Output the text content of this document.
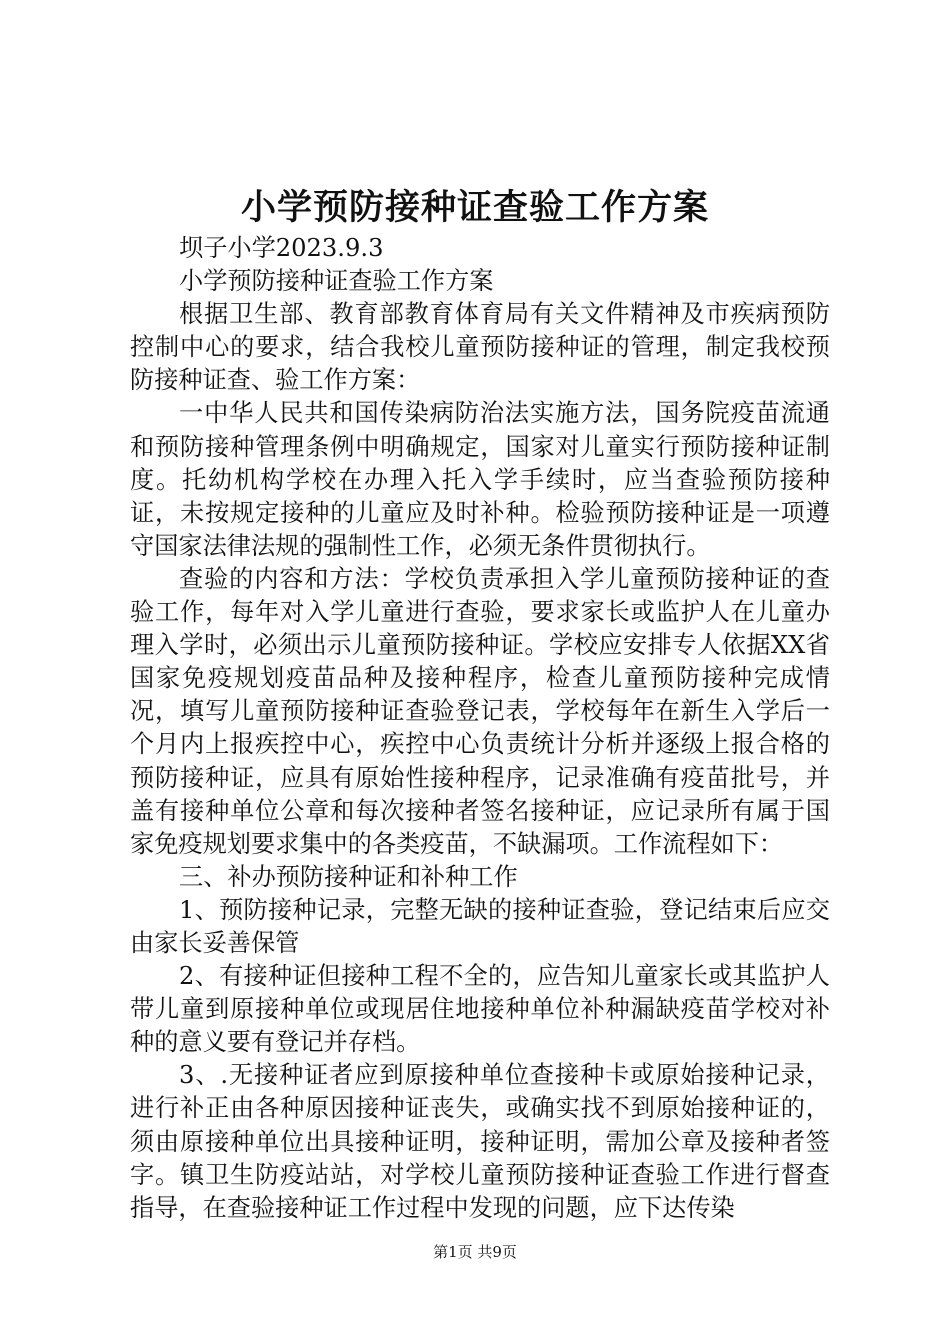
小学预防接种证查验工作方案

坝子小学2023.9.3

小学预防接种证查验工作方案

根据卫生部、教育部教育体育局有关文件精神及市疾病预防控制中心的要求，结合我校儿童预防接种证的管理，制定我校预防接种证查、验工作方案：

一中华人民共和国传染病防治法实施方法，国务院疫苗流通和预防接种管理条例中明确规定，国家对儿童实行预防接种证制度。托幼机构学校在办理入托入学手续时，应当查验预防接种证，未按规定接种的儿童应及时补种。检验预防接种证是一项遵守国家法律法规的强制性工作，必须无条件贯彻执行。

查验的内容和方法：学校负责承担入学儿童预防接种证的查验工作，每年对入学儿童进行查验，要求家长或监护人在儿童办理入学时，必须出示儿童预防接种证。学校应安排专人依据XX省国家免疫规划疫苗品种及接种程序，检查儿童预防接种完成情况，填写儿童预防接种证查验登记表，学校每年在新生入学后一个月内上报疾控中心，疾控中心负责统计分析并逐级上报合格的预防接种证，应具有原始性接种程序，记录准确有疫苗批号，并盖有接种单位公章和每次接种者签名接种证，应记录所有属于国家免疫规划要求集中的各类疫苗，不缺漏项。工作流程如下：

三、补办预防接种证和补种工作

1、预防接种记录，完整无缺的接种证查验，登记结束后应交由家长妥善保管

2、有接种证但接种工程不全的，应告知儿童家长或其监护人带儿童到原接种单位或现居住地接种单位补种漏缺疫苗学校对补种的意义要有登记并存档。

3、.无接种证者应到原接种单位查接种卡或原始接种记录，进行补正由各种原因接种证丧失，或确实找不到原始接种证的，须由原接种单位出具接种证明，接种证明，需加公章及接种者签字。镇卫生防疫站站，对学校儿童预防接种证查验工作进行督查指导，在查验接种证工作过程中发现的问题，应下达传染

第1页 共9页
